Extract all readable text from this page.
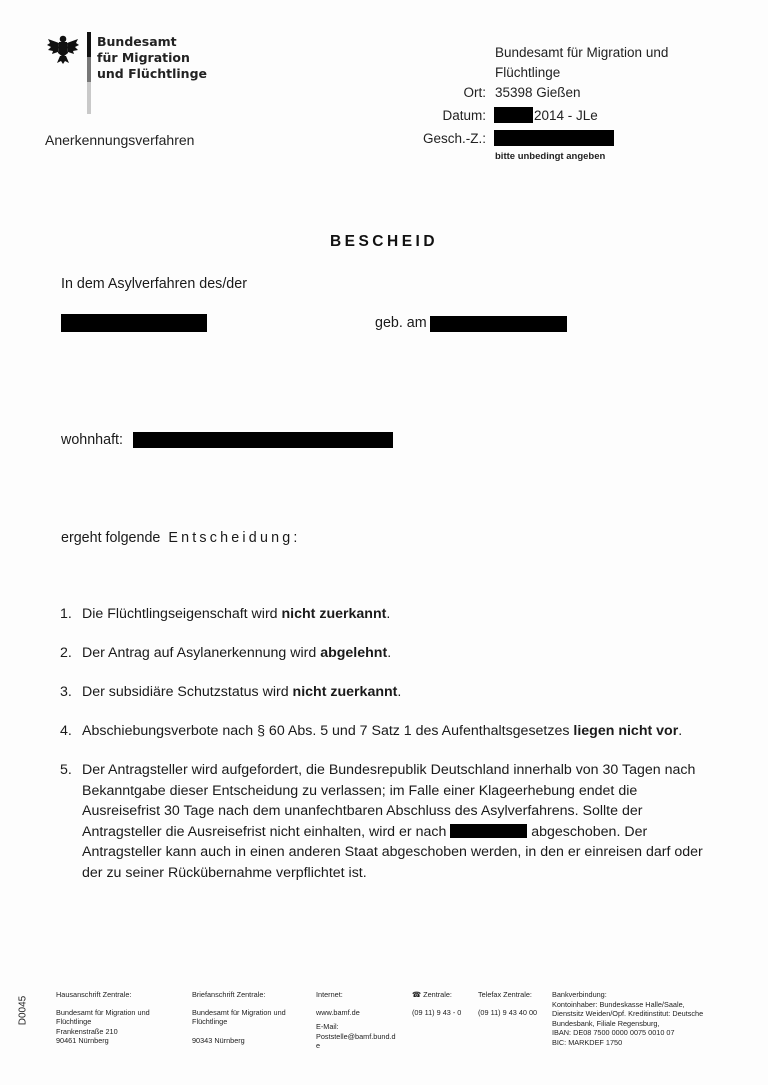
Bundesamt
für Migration
und Flüchtlinge
Anerkennungsverfahren
Bundesamt für Migration und
Flüchtlinge
Ort: 35398 Gießen
Datum:	2014 - JLe
Gesch.-Z.:
bitte unbedingt angeben
BESCHEID
In dem Asylverfahren des/der
geb. am
wohnhaft:
ergeht folgende Entscheidung:
1. Die Flüchtlingseigenschaft wird nicht zuerkannt.
2. Der Antrag auf Asylanerkennung wird abgelehnt.
3. Der subsidiäre Schutzstatus wird nicht zuerkannt.
4. Abschiebungsverbote nach § 60 Abs. 5 und 7 Satz 1 des Aufenthaltsgesetzes liegen nicht vor.
5. Der Antragsteller wird aufgefordert, die Bundesrepublik Deutschland innerhalb von 30 Tagen nach Bekanntgabe dieser Entscheidung zu verlassen; im Falle einer Klageerhebung endet die Ausreisefrist 30 Tage nach dem unanfechtbaren Abschluss des Asylverfahrens. Sollte der Antragsteller die Ausreisefrist nicht einhalten, wird er nach	abgeschoben. Der Antragsteller kann auch in einen anderen Staat abgeschoben werden, in den er einreisen darf oder der zu seiner Rückübernahme verpflichtet ist.
D0045
Hausanschrift Zentrale:
Bundesamt für Migration und
Flüchtlinge
Frankenstraße 210
90461 Nürnberg
Briefanschrift Zentrale:
Bundesamt für Migration und
Flüchtlinge
90343 Nürnberg
Internet:
www.bamf.de
E-Mail:
Poststelle@bamf.bund.d
e
☎ Zentrale:
(09 11) 9 43 - 0
Telefax Zentrale:
(09 11) 9 43 40 00
Bankverbindung:
Kontoinhaber: Bundeskasse Halle/Saale,
Dienstsitz Weiden/Opf. Kreditinstitut: Deutsche
Bundesbank, Filiale Regensburg,
IBAN: DE08 7500 0000 0075 0010 07
BIC: MARKDEF 1750
